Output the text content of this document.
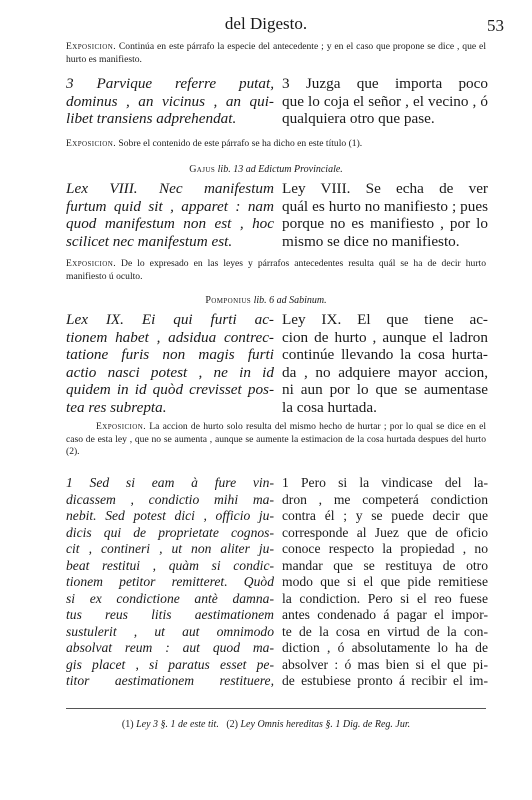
del Digesto.	53
Exposicion. Continúa en este párrafo la especie del antecedente ; y en el caso que propone se dice , que el hurto es manifiesto.
3 Parvique referre putat,
dominus , an vicinus , an qui-
libet transiens adprehendat.
3 Juzga que importa poco
que lo coja el señor , el vecino , ó
qualquiera otro que pase.
Exposicion. Sobre el contenido de este párrafo se ha dicho en este título (1).
Gajus lib. 13 ad Edictum Provinciale.
Lex VIII. Nec manifestum
furtum quid sit , apparet : nam
quod manifestum non est , hoc
scilicet nec manifestum est.
Ley VIII. Se echa de ver
quál es hurto no manifiesto ; pues
porque no es manifiesto , por lo
mismo se dice no manifiesto.
Exposicion. De lo expresado en las leyes y párrafos antecedentes resulta quál se ha de decir hurto manifiesto ú oculto.
Pomponius lib. 6 ad Sabinum.
Lex IX. Ei qui furti ac-
tionem habet , adsidua contrec-
tatione furis non magis furti
actio nasci potest , ne in id
quidem in id quòd crevisset pos-
tea res subrepta.
Ley IX. El que tiene ac-
cion de hurto , aunque el ladron
continúe llevando la cosa hurta-
da , no adquiere mayor accion,
ni aun por lo que se aumentase
la cosa hurtada.
Exposicion. La accion de hurto solo resulta del mismo hecho de hurtar ; por lo qual se dice en el caso de esta ley , que no se aumenta , aunque se aumente la estimacion de la cosa hurtada despues del hurto (2).
1 Sed si eam à fure vin-
dicassem , condictio mihi ma-
nebit. Sed potest dici , officio ju-
dicis qui de proprietate cognos-
cit , contineri , ut non aliter ju-
beat restitui , quàm si condic-
tionem petitor remitteret. Quòd
si ex condictione antè damna-
tus reus litis aestimationem
sustulerit , ut aut omnimodo
absolvat reum : aut quod ma-
gis placet , si paratus esset pe-
titor aestimationem restituere,
1 Pero si la vindicase del la-
dron , me competerá condiction
contra él ; y se puede decir que
corresponde al Juez que de oficio
conoce respecto la propiedad , no
mandar que se restituya de otro
modo que si el que pide remitiese
la condiction. Pero si el reo fuese
antes condenado á pagar el impor-
te de la cosa en virtud de la con-
diction , ó absolutamente lo ha de
absolver : ó mas bien si el que pi-
de estubiese pronto á recibir el im-
(1) Ley 3 §. 1 de este tit. (2) Ley Omnis hereditas §. 1 Dig. de Reg. Jur.
